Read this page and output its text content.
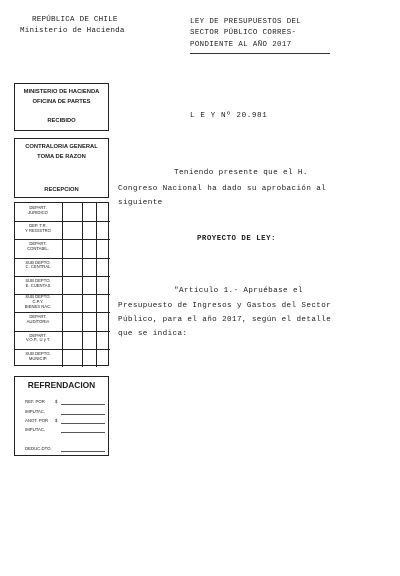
REPÚBLICA DE CHILE
Ministerio de Hacienda
LEY DE PRESUPUESTOS DEL
SECTOR PÚBLICO CORRES-
PONDIENTE AL AÑO 2017
MINISTERIO DE HACIENDA
OFICINA DE PARTES
RECIBIDO
CONTRALORIA GENERAL
TOMA DE RAZON
RECEPCION
DEPART.
JURIDICO
DEP. T.R.
Y REGISTRO
DEPART.
CONTABIL.
SUB DEPTO.
C. CENTRAL
SUB DEPTO.
E. CUENTAS
SUB DEPTO.
C.P.Y.
BIENES NAC.
DEPART.
AUDITORIA
DEPART.
V.O.P., U y T.
SUB DEPTO.
MUNICIP.
REFRENDACION
REF. POR $
IMPUTAC.
ANOT. POR $
IMPUTAC.
DEDUC.DTO.
L E Y Nº 20.981
Teniendo presente que el H.
Congreso Nacional ha dado su aprobación al
siguiente
PROYECTO DE LEY:
"Artículo 1.- Apruébase el
Presupuesto de Ingresos y Gastos del Sector
Público, para el año 2017, según el detalle
que se indica:
